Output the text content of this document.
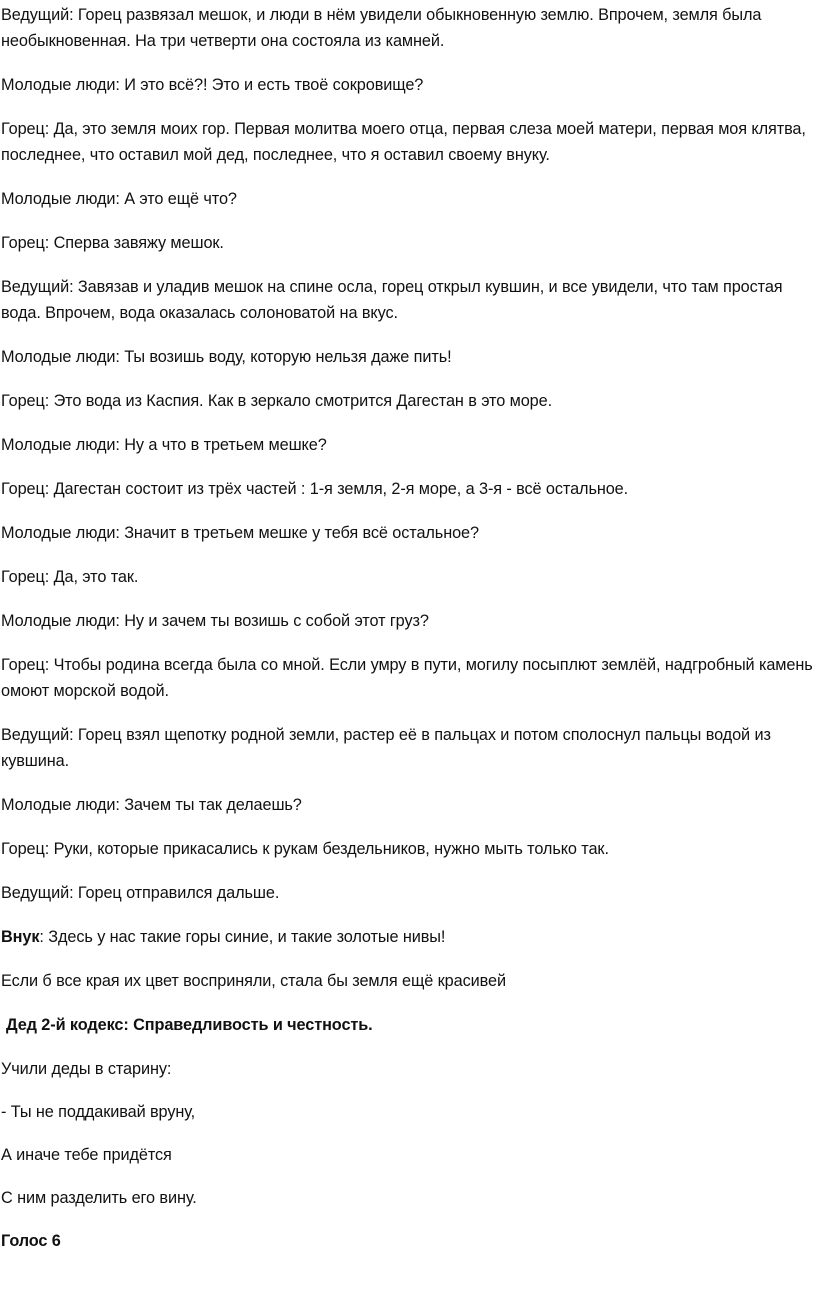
Ведущий: Горец развязал мешок, и люди в нём увидели обыкновенную землю. Впрочем, земля была необыкновенная. На три четверти она состояла из камней.

Молодые люди: И это всё?! Это и есть твоё сокровище?

Горец: Да, это земля моих гор. Первая молитва моего отца, первая слеза моей матери, первая моя клятва, последнее, что оставил мой дед, последнее, что я оставил своему внуку.

Молодые люди: А это ещё что?

Горец: Сперва завяжу мешок.

Ведущий: Завязав и уладив мешок на спине осла, горец открыл кувшин, и все увидели, что там простая вода. Впрочем, вода оказалась солоноватой на вкус.

Молодые люди: Ты возишь воду, которую нельзя даже пить!

Горец: Это вода из Каспия. Как в зеркало смотрится Дагестан в это море.

Молодые люди: Ну а что в третьем мешке?

Горец: Дагестан состоит из трёх частей : 1-я земля, 2-я море, а 3-я - всё остальное.

Молодые люди: Значит в третьем мешке у тебя всё остальное?

Горец: Да, это так.

Молодые люди: Ну и зачем ты возишь с собой этот груз?

Горец: Чтобы родина всегда была со мной. Если умру в пути, могилу посыплют землёй, надгробный камень омоют морской водой.

Ведущий: Горец взял щепотку родной земли, растер её в пальцах и потом сполоснул пальцы водой из кувшина.

Молодые люди: Зачем ты так делаешь?

Горец: Руки, которые прикасались к рукам бездельников, нужно мыть только так.

Ведущий: Горец отправился дальше.

Внук: Здесь у нас такие горы синие, и такие золотые нивы!

Если б все края их цвет восприняли, стала бы земля ещё красивей

Дед 2-й кодекс: Справедливость и честность.

Учили деды в старину:

- Ты не поддакивай вруну,

А иначе тебе придётся

С ним разделить его вину.

Голос 6
